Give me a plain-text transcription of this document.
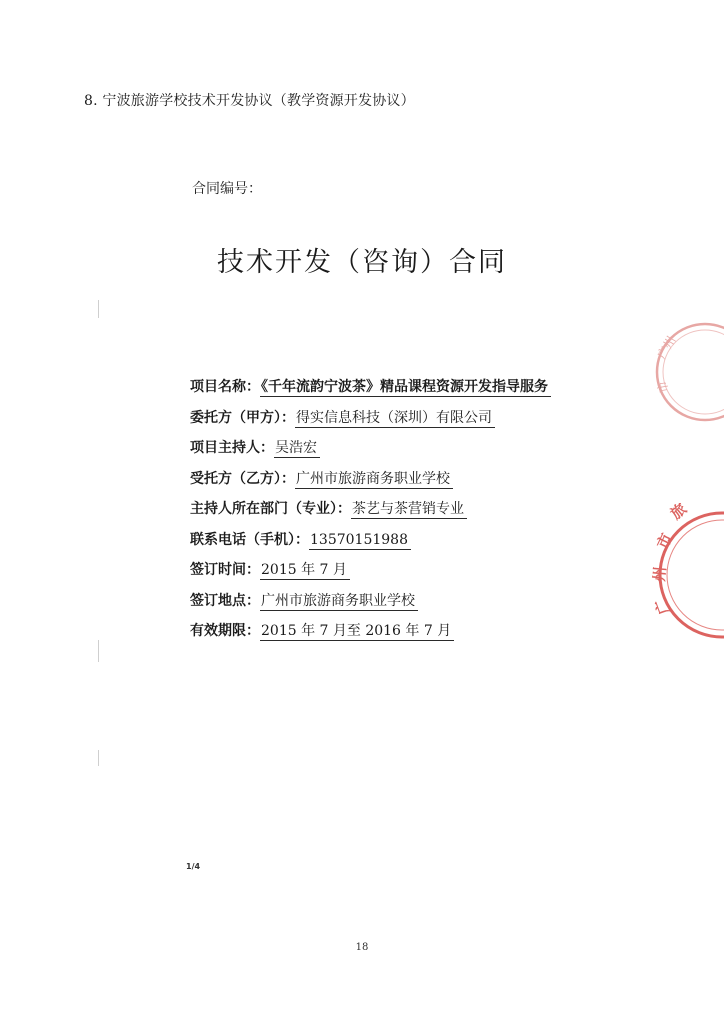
8. 宁波旅游学校技术开发协议（教学资源开发协议）
合同编号：
技术开发（咨询）合同
项目名称：《千年流韵宁波茶》精品课程资源开发指导服务
委托方（甲方）：得实信息科技（深圳）有限公司
项目主持人：吴浩宏
受托方（乙方）：广州市旅游商务职业学校
主持人所在部门（专业）：茶艺与茶营销专业
联系电话（手机）：13570151988
签订时间：2015 年 7 月
签订地点：广州市旅游商务职业学校
有效期限：2015 年 7 月至 2016 年 7 月
1/4
18
广州
市
旅
市
州
广
